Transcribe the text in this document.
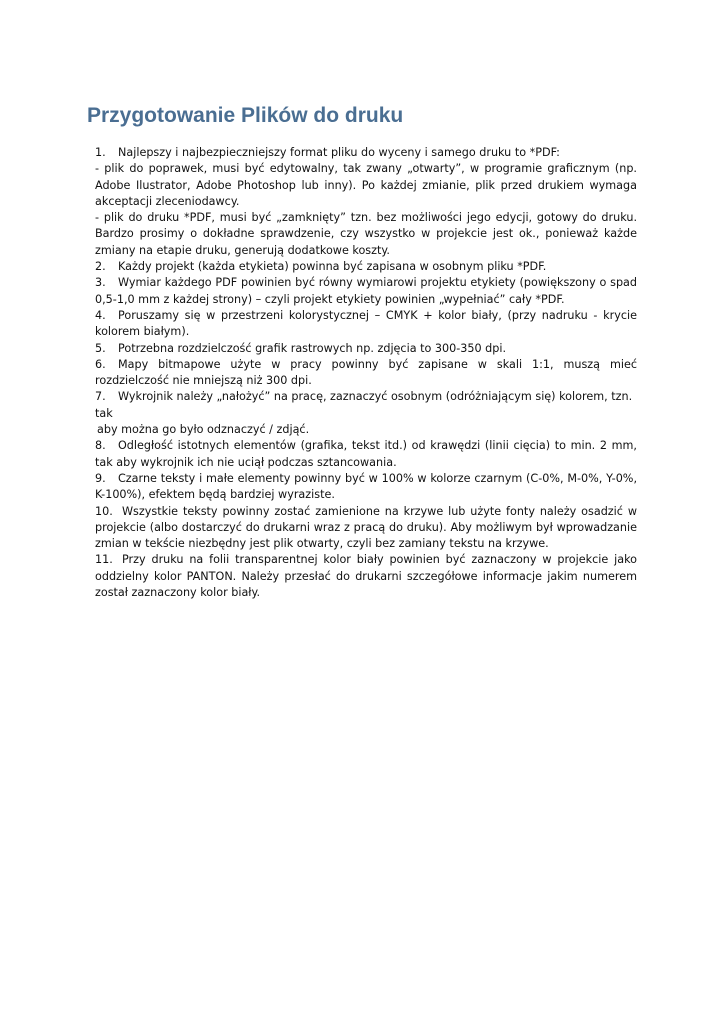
Przygotowanie Plików do druku

1. Najlepszy i najbezpieczniejszy format pliku do wyceny i samego druku to *PDF:

- plik do poprawek, musi być edytowalny, tak zwany „otwarty”, w programie graficznym (np. Adobe Ilustrator, Adobe Photoshop lub inny). Po każdej zmianie, plik przed drukiem wymaga akceptacji zleceniodawcy.

- plik do druku *PDF, musi być „zamknięty” tzn. bez możliwości jego edycji, gotowy do druku. Bardzo prosimy o dokładne sprawdzenie, czy wszystko w projekcie jest ok., ponieważ każde zmiany na etapie druku, generują dodatkowe koszty.

2. Każdy projekt (każda etykieta) powinna być zapisana w osobnym pliku *PDF.

3. Wymiar każdego PDF powinien być równy wymiarowi projektu etykiety (powiększony o spad 0,5-1,0 mm z każdej strony) – czyli projekt etykiety powinien „wypełniać” cały *PDF.

4. Poruszamy się w przestrzeni kolorystycznej – CMYK + kolor biały, (przy nadruku - krycie kolorem białym).

5. Potrzebna rozdzielczość grafik rastrowych np. zdjęcia to 300-350 dpi.

6. Mapy bitmapowe użyte w pracy powinny być zapisane w skali 1:1, muszą mieć rozdzielczość nie mniejszą niż 300 dpi.

7. Wykrojnik należy „nałożyć” na pracę, zaznaczyć osobnym (odróżniającym się) kolorem, tzn. tak

aby można go było odznaczyć / zdjąć.

8. Odległość istotnych elementów (grafika, tekst itd.) od krawędzi (linii cięcia) to min. 2 mm, tak aby wykrojnik ich nie uciął podczas sztancowania.

9. Czarne teksty i małe elementy powinny być w 100% w kolorze czarnym (C-0%, M-0%, Y-0%, K-100%), efektem będą bardziej wyraziste.

10. Wszystkie teksty powinny zostać zamienione na krzywe lub użyte fonty należy osadzić w projekcie (albo dostarczyć do drukarni wraz z pracą do druku). Aby możliwym był wprowadzanie zmian w tekście niezbędny jest plik otwarty, czyli bez zamiany tekstu na krzywe.

11. Przy druku na folii transparentnej kolor biały powinien być zaznaczony w projekcie jako oddzielny kolor PANTON. Należy przesłać do drukarni szczegółowe informacje jakim numerem został zaznaczony kolor biały.
